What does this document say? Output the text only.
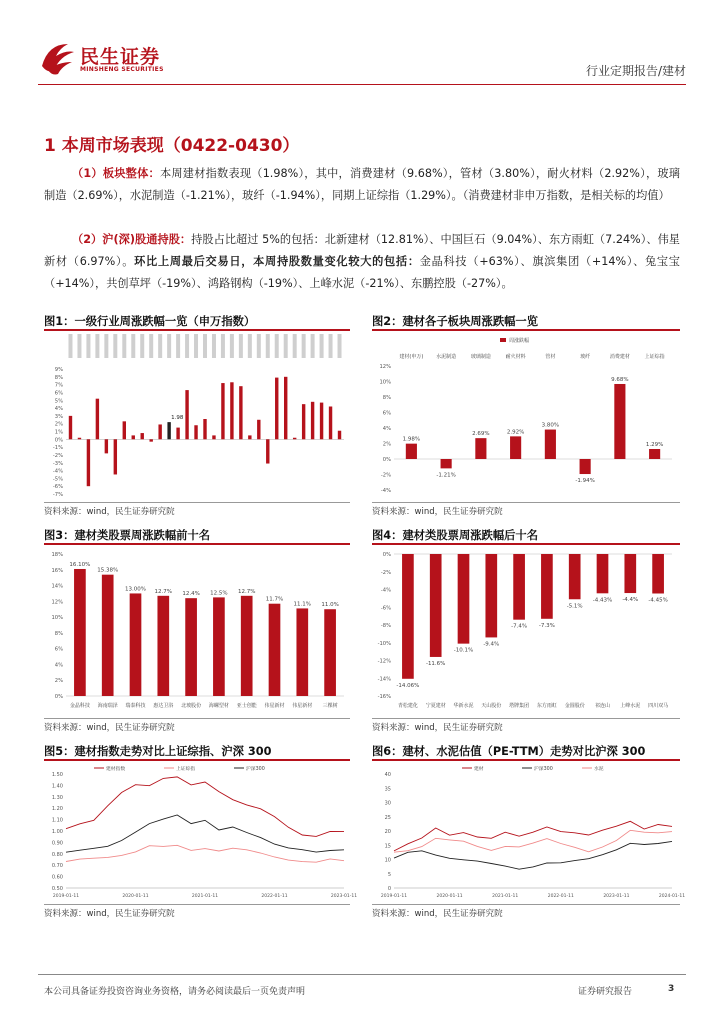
民生证券
MINSHENG SECURITIES	行业定期报告/建材
1 本周市场表现（0422-0430）
（1）板块整体：本周建材指数表现（1.98%），其中，消费建材（9.68%），管材（3.80%），耐火材料（2.92%），玻璃制造（2.69%），水泥制造（-1.21%），玻纤（-1.94%），同期上证综指（1.29%）。（消费建材非申万指数，是相关标的均值）
（2）沪(深)股通持股：持股占比超过 5%的包括：北新建材（12.81%）、中国巨石（9.04%）、东方雨虹（7.24%）、伟星新材（6.97%）。环比上周最后交易日，本周持股数量变化较大的包括：金晶科技（+63%）、旗滨集团（+14%）、兔宝宝（+14%），共创草坪（-19%）、鸿路钢构（-19%）、上峰水泥（-21%）、东鹏控股（-27%）。
图1：一级行业周涨跌幅一览（申万指数）
9%
8%
7%
6%
5%
4%
3%
2%
1%
0%
-1%
-2%
-3%
-4%
-5%
-6%
-7%
1.98
资料来源：wind，民生证券研究院
图2：建材各子板块周涨跌幅一览
周涨跌幅
12%
10%
8%
6%
4%
2%
0%
-2%
-4%
1.98%
建材(申万)
-1.21%
水泥制造
2.69%
玻璃制造
2.92%
耐火材料
3.80%
管材
-1.94%
玻纤
9.68%
消费建材
1.29%
上证综指
资料来源：wind，民生证券研究院
图3：建材类股票周涨跌幅前十名
18%
16%
14%
12%
10%
8%
6%
4%
2%
0%
16.10%
金晶科技
15.38%
海南瑞泽
13.00%
瑞泰科技
12.7%
惠达卫浴
12.4%
北玻股份
12.5%
海螺型材
12.7%
亚士创能
11.7%
伟星新材
11.1%
伟星新材
11.0%
三棵树
资料来源：wind，民生证券研究院
图4：建材类股票周涨跌幅后十名
0%
-2%
-4%
-6%
-8%
-10%
-12%
-14%
-16%
-14.06%
青松建化
-11.6%
宁夏建材
-10.1%
华新水泥
-9.4%
天山股份
-7.4%
塔牌集团
-7.3%
东方雨虹
-5.1%
金圆股份
-4.43%
祁连山
-4.4%
上峰水泥
-4.45%
四川双马
资料来源：wind，民生证券研究院
图5：建材指数走势对比上证综指、沪深 300
1.50
1.40
1.30
1.20
1.10
1.00
0.90
0.80
0.70
0.60
0.50
2019-01-11	2020-01-11	2021-01-11	2022-01-11	2023-01-11
建材指数	上证综指	沪深300
资料来源：wind，民生证券研究院
图6：建材、水泥估值（PE-TTM）走势对比沪深 300
40
35
30
25
20
15
10
5
0
2019-01-11	2020-01-11	2021-01-11	2022-01-11	2023-01-11	2024-01-11
建材	沪深300	水泥
资料来源：wind，民生证券研究院
本公司具备证券投资咨询业务资格，请务必阅读最后一页免责声明	证券研究报告	3
